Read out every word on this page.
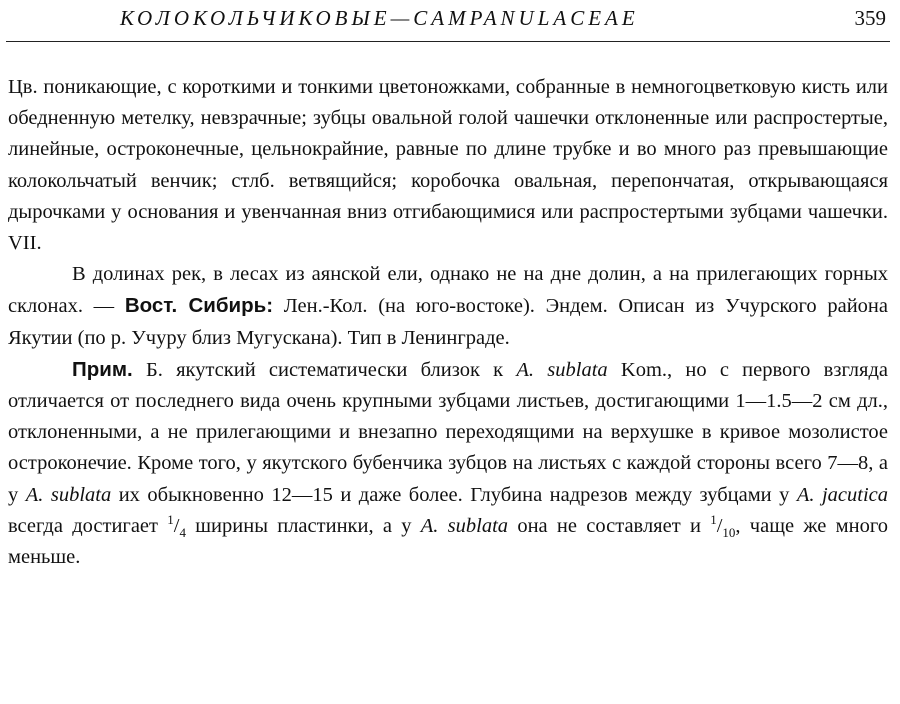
КОЛОКОЛЬЧИКОВЫЕ—CAMPANULACEAE	359

Цв. поникающие, с короткими и тонкими цветоножками, собранные в немногоцветковую кисть или обедненную метелку, невзрачные; зубцы овальной голой чашечки отклоненные или распростертые, линейные, остроконечные, цельнокрайние, равные по длине трубке и во много раз превышающие колокольчатый венчик; стлб. ветвящийся; коробочка овальная, перепончатая, открывающаяся дырочками у основания и увенчанная вниз отгибающимися или распростертыми зубцами чашечки. VII.

В долинах рек, в лесах из аянской ели, однако не на дне долин, а на прилегающих горных склонах. — Вост. Сибирь: Лен.-Кол. (на юго-востоке). Эндем. Описан из Учурского района Якутии (по р. Учуру близ Мугускана). Тип в Ленинграде.

Прим. Б. якутский систематически близок к A. sublata Kom., но с первого взгляда отличается от последнего вида очень крупными зубцами листьев, достигающими 1—1.5—2 см дл., отклоненными, а не прилегающими и внезапно переходящими на верхушке в кривое мозолистое остроконечие. Кроме того, у якутского бубенчика зубцов на листьях с каждой стороны всего 7—8, а у A. sublata их обыкновенно 12—15 и даже более. Глубина надрезов между зубцами у A. jacutica всегда достигает $^1/_4$ ширины пластинки, а у A. sublata она не составляет и $^1/_{10}$, чаще же много меньше.
